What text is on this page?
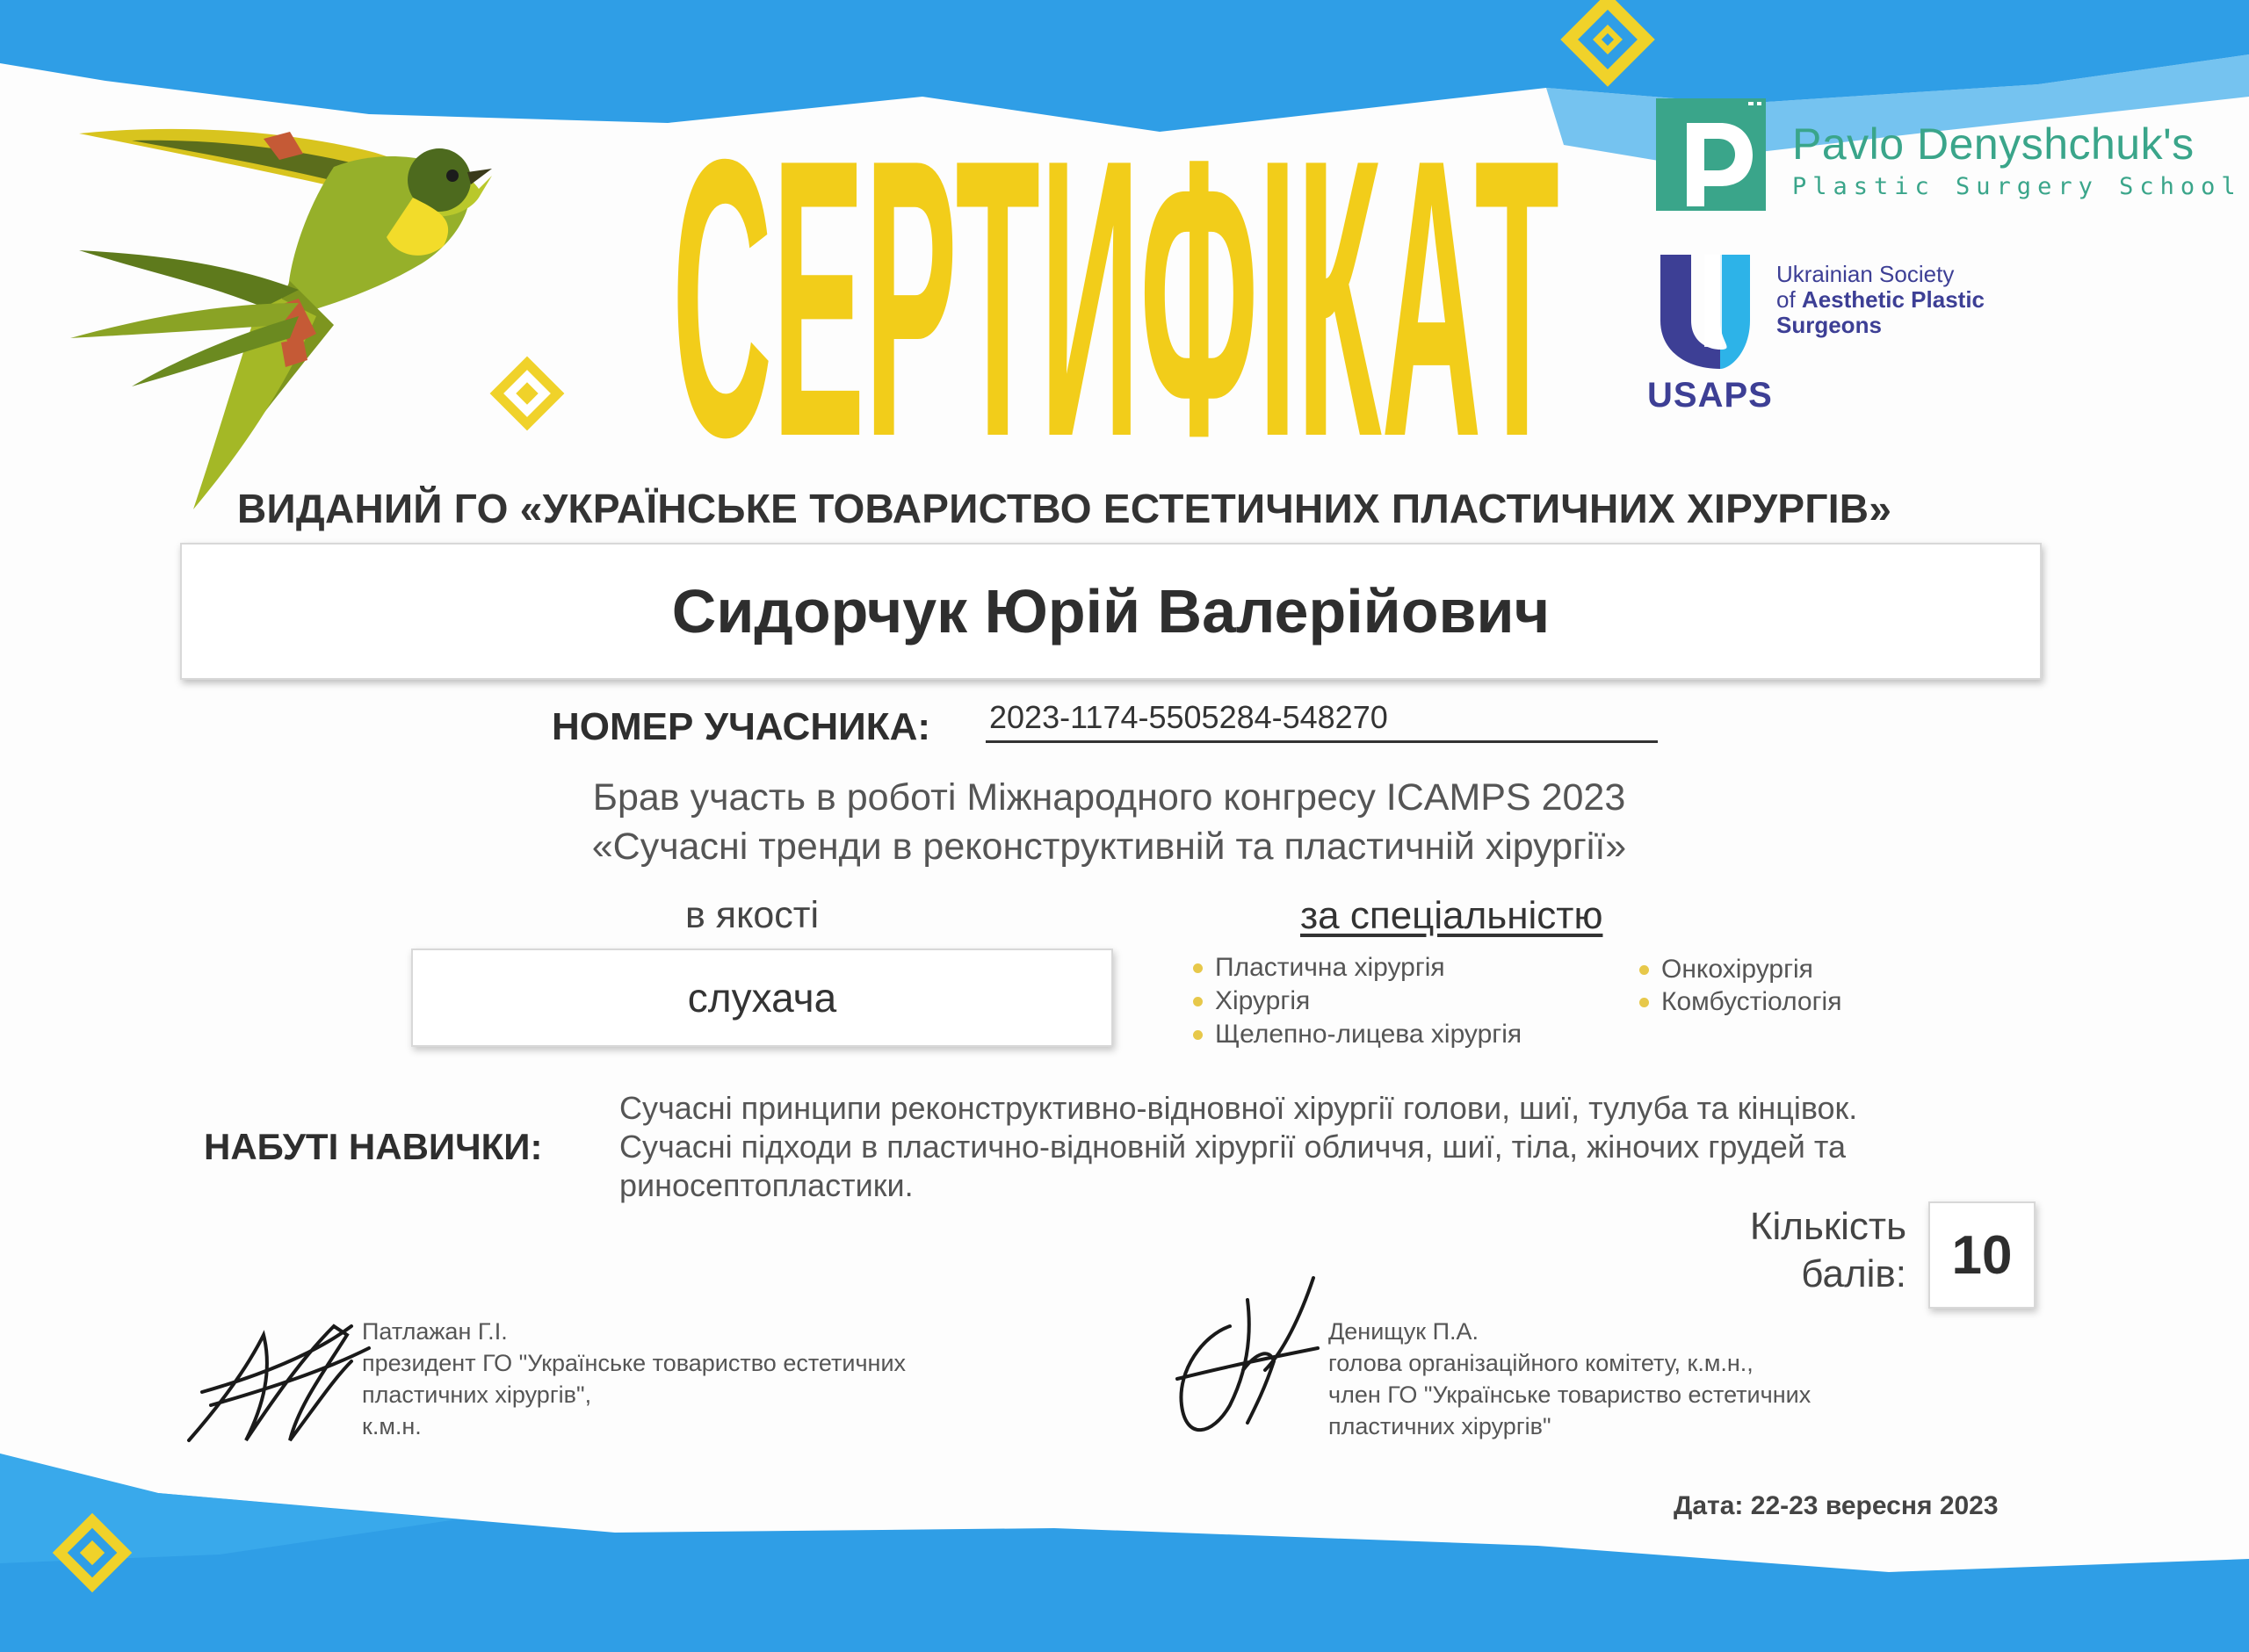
Pavlo Denyshchuk's
Plastic Surgery School
Ukrainian Society
of Aesthetic Plastic
Surgeons
USAPS
СЕРТИФІКАТ
ВИДАНИЙ ГО «УКРАЇНСЬКЕ ТОВАРИСТВО ЕСТЕТИЧНИХ ПЛАСТИЧНИХ ХІРУРГІВ»
Сидорчук Юрій Валерійович
НОМЕР УЧАСНИКА: 2023-1174-5505284-548270
Брав участь в роботі Міжнародного конгресу ICAMPS 2023
«Сучасні тренди в реконструктивній та пластичній хірургії»
в якості	за спеціальністю
слухача
Пластична хірургія
Хірургія
Щелепно-лицева хірургія
Онкохірургія
Комбустіологія
НАБУТІ НАВИЧКИ:
Сучасні принципи реконструктивно-відновної хірургії голови, шиї, тулуба та кінцівок.
Сучасні підходи в пластично-відновній хірургії обличчя, шиї, тіла, жіночих грудей та
риносептопластики.
Кількість
балів: 10
Патлажан Г.І.
президент ГО "Українське товариство естетичних
пластичних хірургів",
к.м.н.
Денищук П.А.
голова організаційного комітету, к.м.н.,
член ГО "Українське товариство естетичних
пластичних хірургів"
Дата: 22-23 вересня 2023
